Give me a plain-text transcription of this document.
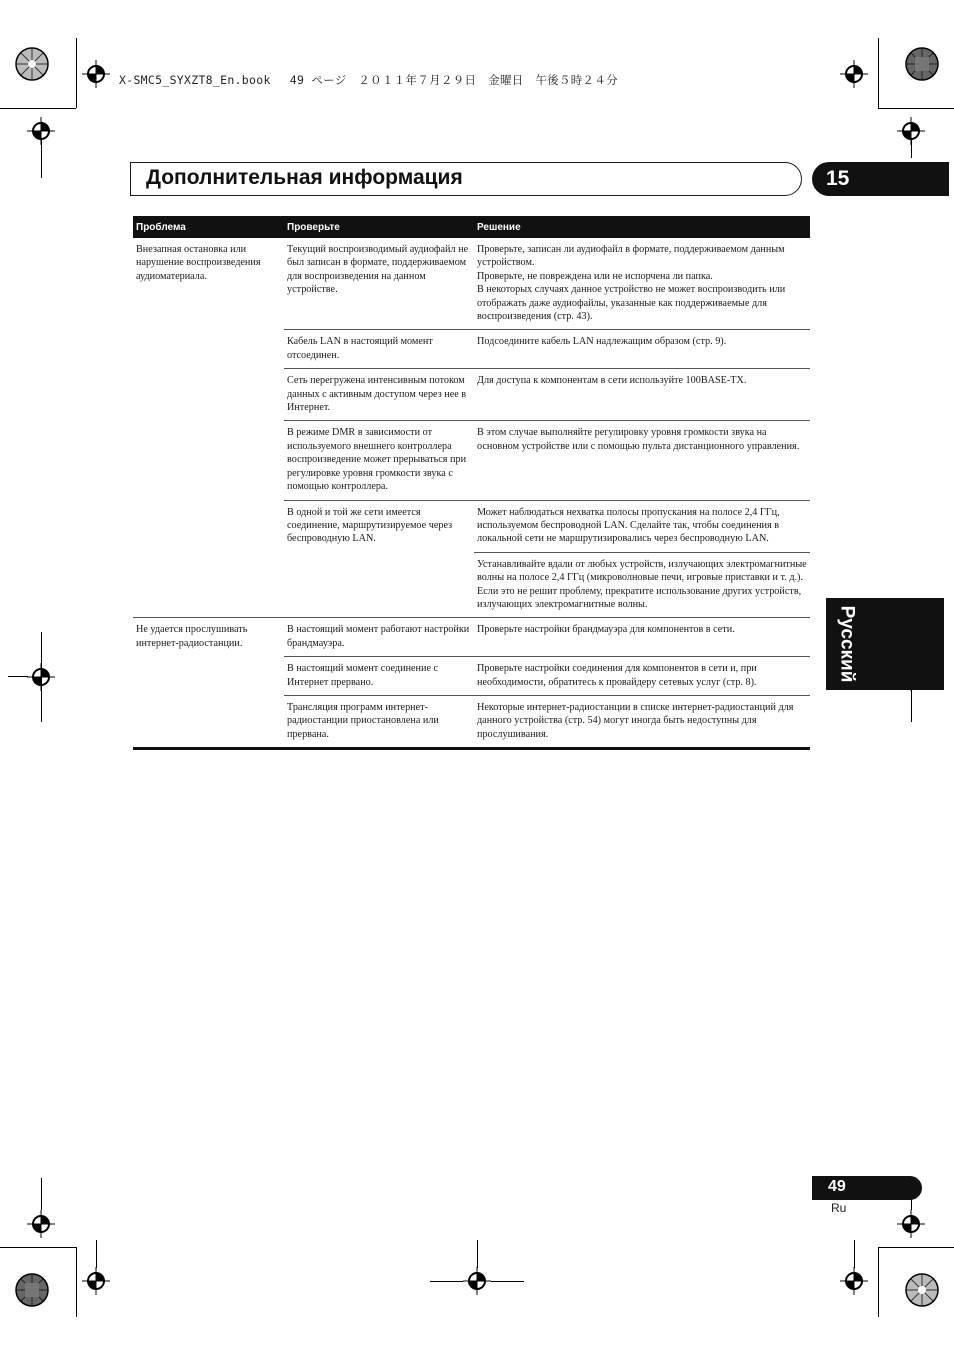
X-SMC5_SYXZT8_En.book　 49 ページ　２０１１年７月２９日　金曜日　午後５時２４分
Дополнительная информация	15
Русский
Проблема	Проверьте	Решение
Внезапная остановка или нарушение воспроизведения аудиоматериала.	Текущий воспроизводимый аудиофайл не был записан в формате, поддерживаемом для воспроизведения на данном устройстве.	Проверьте, записан ли аудиофайл в формате, поддерживаемом данным устройством.
Проверьте, не повреждена или не испорчена ли папка.
В некоторых случаях данное устройство не может воспроизводить или отображать даже аудиофайлы, указанные как поддерживаемые для воспроизведения (стр. 43).
	Кабель LAN в настоящий момент отсоединен.	Подсоедините кабель LAN надлежащим образом (стр. 9).
	Сеть перегружена интенсивным потоком данных с активным доступом через нее в Интернет.	Для доступа к компонентам в сети используйте 100BASE-TX.
	В режиме DMR в зависимости от используемого внешнего контроллера воспроизведение может прерываться при регулировке уровня громкости звука с помощью контроллера.	В этом случае выполняйте регулировку уровня громкости звука на основном устройстве или с помощью пульта дистанционного управления.
	В одной и той же сети имеется соединение, маршрутизируемое через беспроводную LAN.	Может наблюдаться нехватка полосы пропускания на полосе 2,4 ГГц, используемом беспроводной LAN. Сделайте так, чтобы соединения в локальной сети не маршрутизировались через беспроводную LAN.
		Устанавливайте вдали от любых устройств, излучающих электромагнитные волны на полосе 2,4 ГГц (микроволновые печи, игровые приставки и т. д.). Если это не решит проблему, прекратите использование других устройств, излучающих электромагнитные волны.
Не удается прослушивать интернет-радиостанции.	В настоящий момент работают настройки брандмауэра.	Проверьте настройки брандмауэра для компонентов в сети.
	В настоящий момент соединение с Интернет прервано.	Проверьте настройки соединения для компонентов в сети и, при необходимости, обратитесь к провайдеру сетевых услуг (стр. 8).
	Трансляция программ интернет-радиостанции приостановлена или прервана.	Некоторые интернет-радиостанции в списке интернет-радиостанций для данного устройства (стр. 54) могут иногда быть недоступны для прослушивания.
49
Ru
